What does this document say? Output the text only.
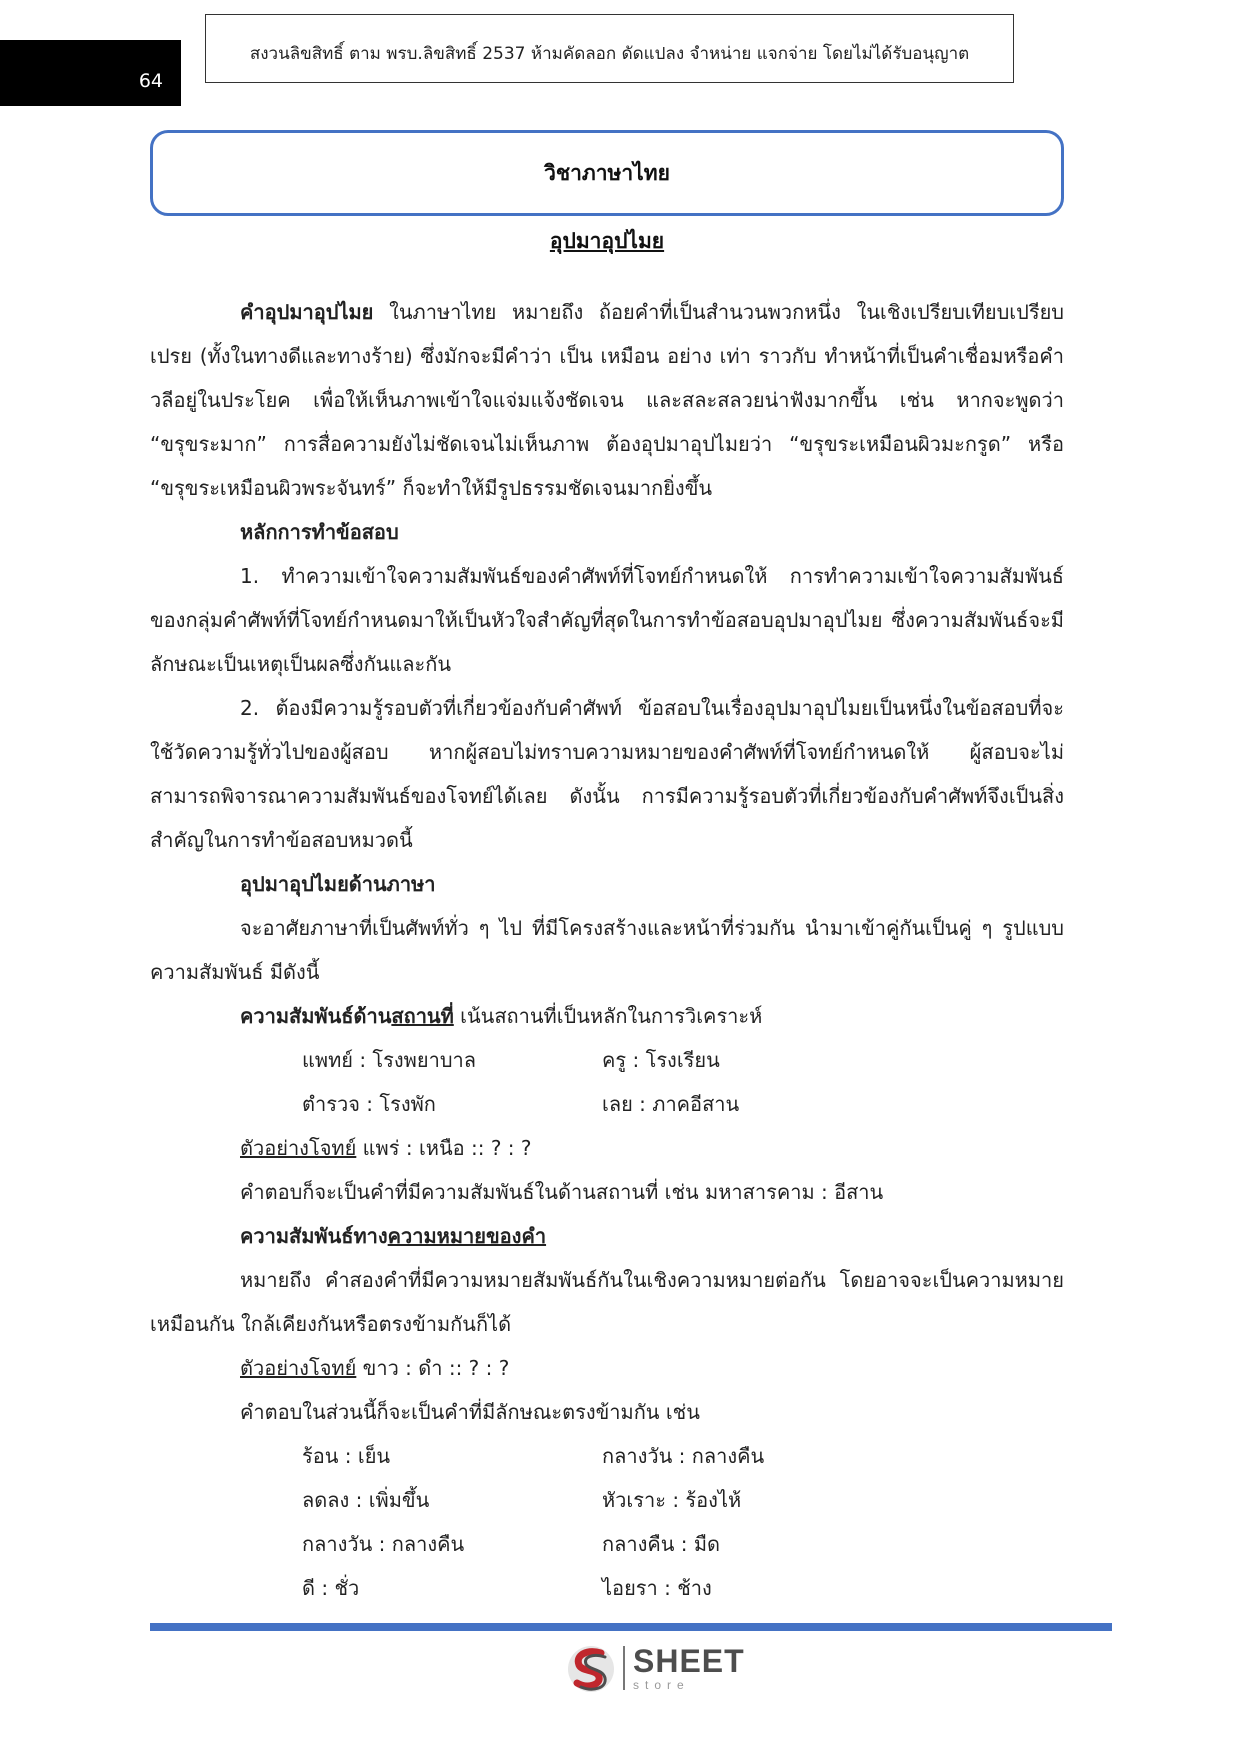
64
สงวนลิขสิทธิ์ ตาม พรบ.ลิขสิทธิ์ 2537 ห้ามคัดลอก ดัดแปลง จำหน่าย แจกจ่าย โดยไม่ได้รับอนุญาต
วิชาภาษาไทย
อุปมาอุปไมย

คำอุปมาอุปไมย ในภาษาไทย หมายถึง ถ้อยคำที่เป็นสำนวนพวกหนึ่ง ในเชิงเปรียบเทียบเปรียบเปรย (ทั้งในทางดีและทางร้าย) ซึ่งมักจะมีคำว่า เป็น เหมือน อย่าง เท่า ราวกับ ทำหน้าที่เป็นคำเชื่อมหรือคำวลีอยู่ในประโยค เพื่อให้เห็นภาพเข้าใจแจ่มแจ้งชัดเจน และสละสลวยน่าฟังมากขึ้น เช่น หากจะพูดว่า “ขรุขระมาก” การสื่อความยังไม่ชัดเจนไม่เห็นภาพ ต้องอุปมาอุปไมยว่า “ขรุขระเหมือนผิวมะกรูด” หรือ “ขรุขระเหมือนผิวพระจันทร์” ก็จะทำให้มีรูปธรรมชัดเจนมากยิ่งขึ้น

หลักการทำข้อสอบ

1. ทำความเข้าใจความสัมพันธ์ของคำศัพท์ที่โจทย์กำหนดให้ การทำความเข้าใจความสัมพันธ์ของกลุ่มคำศัพท์ที่โจทย์กำหนดมาให้เป็นหัวใจสำคัญที่สุดในการทำข้อสอบอุปมาอุปไมย ซึ่งความสัมพันธ์จะมีลักษณะเป็นเหตุเป็นผลซึ่งกันและกัน

2. ต้องมีความรู้รอบตัวที่เกี่ยวข้องกับคำศัพท์ ข้อสอบในเรื่องอุปมาอุปไมยเป็นหนึ่งในข้อสอบที่จะใช้วัดความรู้ทั่วไปของผู้สอบ หากผู้สอบไม่ทราบความหมายของคำศัพท์ที่โจทย์กำหนดให้ ผู้สอบจะไม่สามารถพิจารณาความสัมพันธ์ของโจทย์ได้เลย ดังนั้น การมีความรู้รอบตัวที่เกี่ยวข้องกับคำศัพท์จึงเป็นสิ่งสำคัญในการทำข้อสอบหมวดนี้

อุปมาอุปไมยด้านภาษา

จะอาศัยภาษาที่เป็นศัพท์ทั่ว ๆ ไป ที่มีโครงสร้างและหน้าที่ร่วมกัน นำมาเข้าคู่กันเป็นคู่ ๆ รูปแบบความสัมพันธ์ มีดังนี้

ความสัมพันธ์ด้านสถานที่ เน้นสถานที่เป็นหลักในการวิเคราะห์

แพทย์ : โรงพยาบาล	ครู : โรงเรียน
ตำรวจ : โรงพัก	เลย : ภาคอีสาน

ตัวอย่างโจทย์ แพร่ : เหนือ :: ? : ?

คำตอบก็จะเป็นคำที่มีความสัมพันธ์ในด้านสถานที่ เช่น มหาสารคาม : อีสาน

ความสัมพันธ์ทางความหมายของคำ

หมายถึง คำสองคำที่มีความหมายสัมพันธ์กันในเชิงความหมายต่อกัน โดยอาจจะเป็นความหมายเหมือนกัน ใกล้เคียงกันหรือตรงข้ามกันก็ได้

ตัวอย่างโจทย์ ขาว : ดำ :: ? : ?

คำตอบในส่วนนี้ก็จะเป็นคำที่มีลักษณะตรงข้ามกัน เช่น

ร้อน : เย็น	กลางวัน : กลางคืน
ลดลง : เพิ่มขึ้น	หัวเราะ : ร้องไห้
กลางวัน : กลางคืน	กลางคืน : มืด
ดี : ชั่ว	ไอยรา : ช้าง
SHEET
store
